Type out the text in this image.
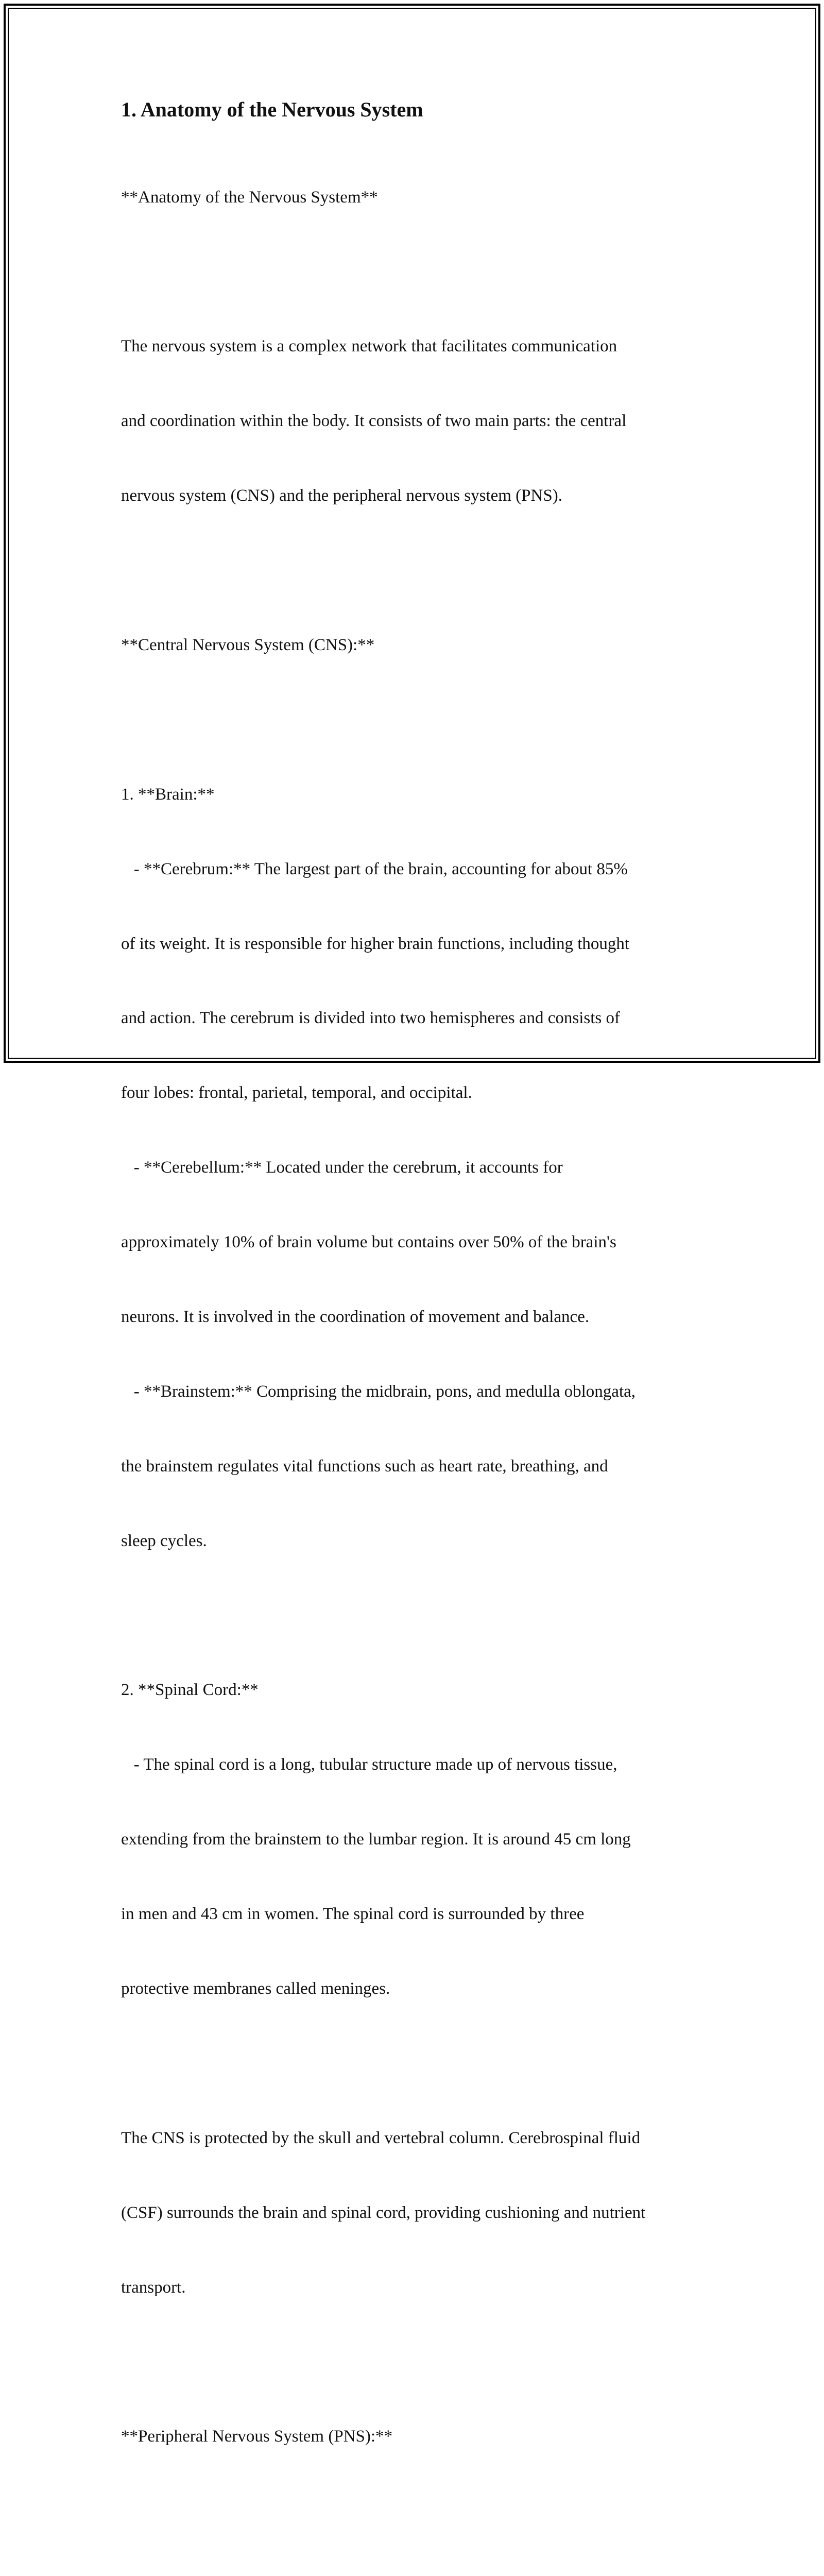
1. Anatomy of the Nervous System

**Anatomy of the Nervous System**

The nervous system is a complex network that facilitates communication

and coordination within the body. It consists of two main parts: the central

nervous system (CNS) and the peripheral nervous system (PNS).

**Central Nervous System (CNS):**

1. **Brain:**

- **Cerebrum:** The largest part of the brain, accounting for about 85%

of its weight. It is responsible for higher brain functions, including thought

and action. The cerebrum is divided into two hemispheres and consists of

four lobes: frontal, parietal, temporal, and occipital.

- **Cerebellum:** Located under the cerebrum, it accounts for

approximately 10% of brain volume but contains over 50% of the brain's

neurons. It is involved in the coordination of movement and balance.

- **Brainstem:** Comprising the midbrain, pons, and medulla oblongata,

the brainstem regulates vital functions such as heart rate, breathing, and

sleep cycles.

2. **Spinal Cord:**

- The spinal cord is a long, tubular structure made up of nervous tissue,

extending from the brainstem to the lumbar region. It is around 45 cm long

in men and 43 cm in women. The spinal cord is surrounded by three

protective membranes called meninges.

The CNS is protected by the skull and vertebral column. Cerebrospinal fluid

(CSF) surrounds the brain and spinal cord, providing cushioning and nutrient

transport.

**Peripheral Nervous System (PNS):**
